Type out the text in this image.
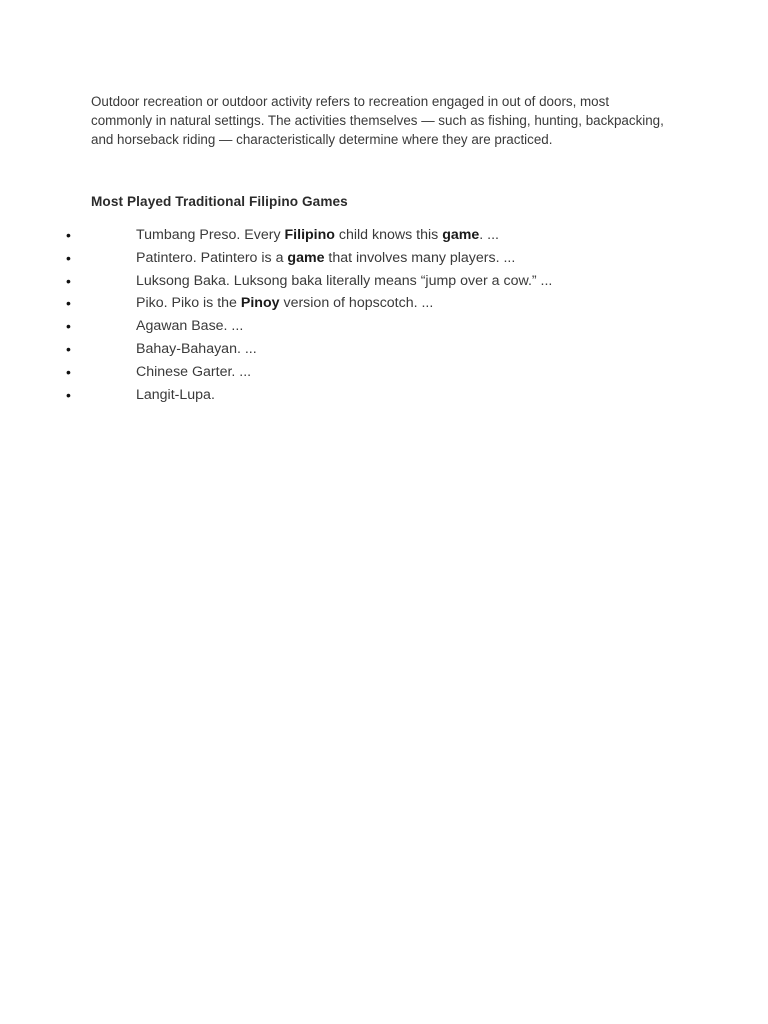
Outdoor recreation or outdoor activity refers to recreation engaged in out of doors, most commonly in natural settings. The activities themselves — such as fishing, hunting, backpacking, and horseback riding — characteristically determine where they are practiced.

Most Played Traditional Filipino Games
•	Tumbang Preso. Every Filipino child knows this game. ...
•	Patintero. Patintero is a game that involves many players. ...
•	Luksong Baka. Luksong baka literally means “jump over a cow.” ...
•	Piko. Piko is the Pinoy version of hopscotch. ...
•	Agawan Base. ...
•	Bahay-Bahayan. ...
•	Chinese Garter. ...
•	Langit-Lupa.
